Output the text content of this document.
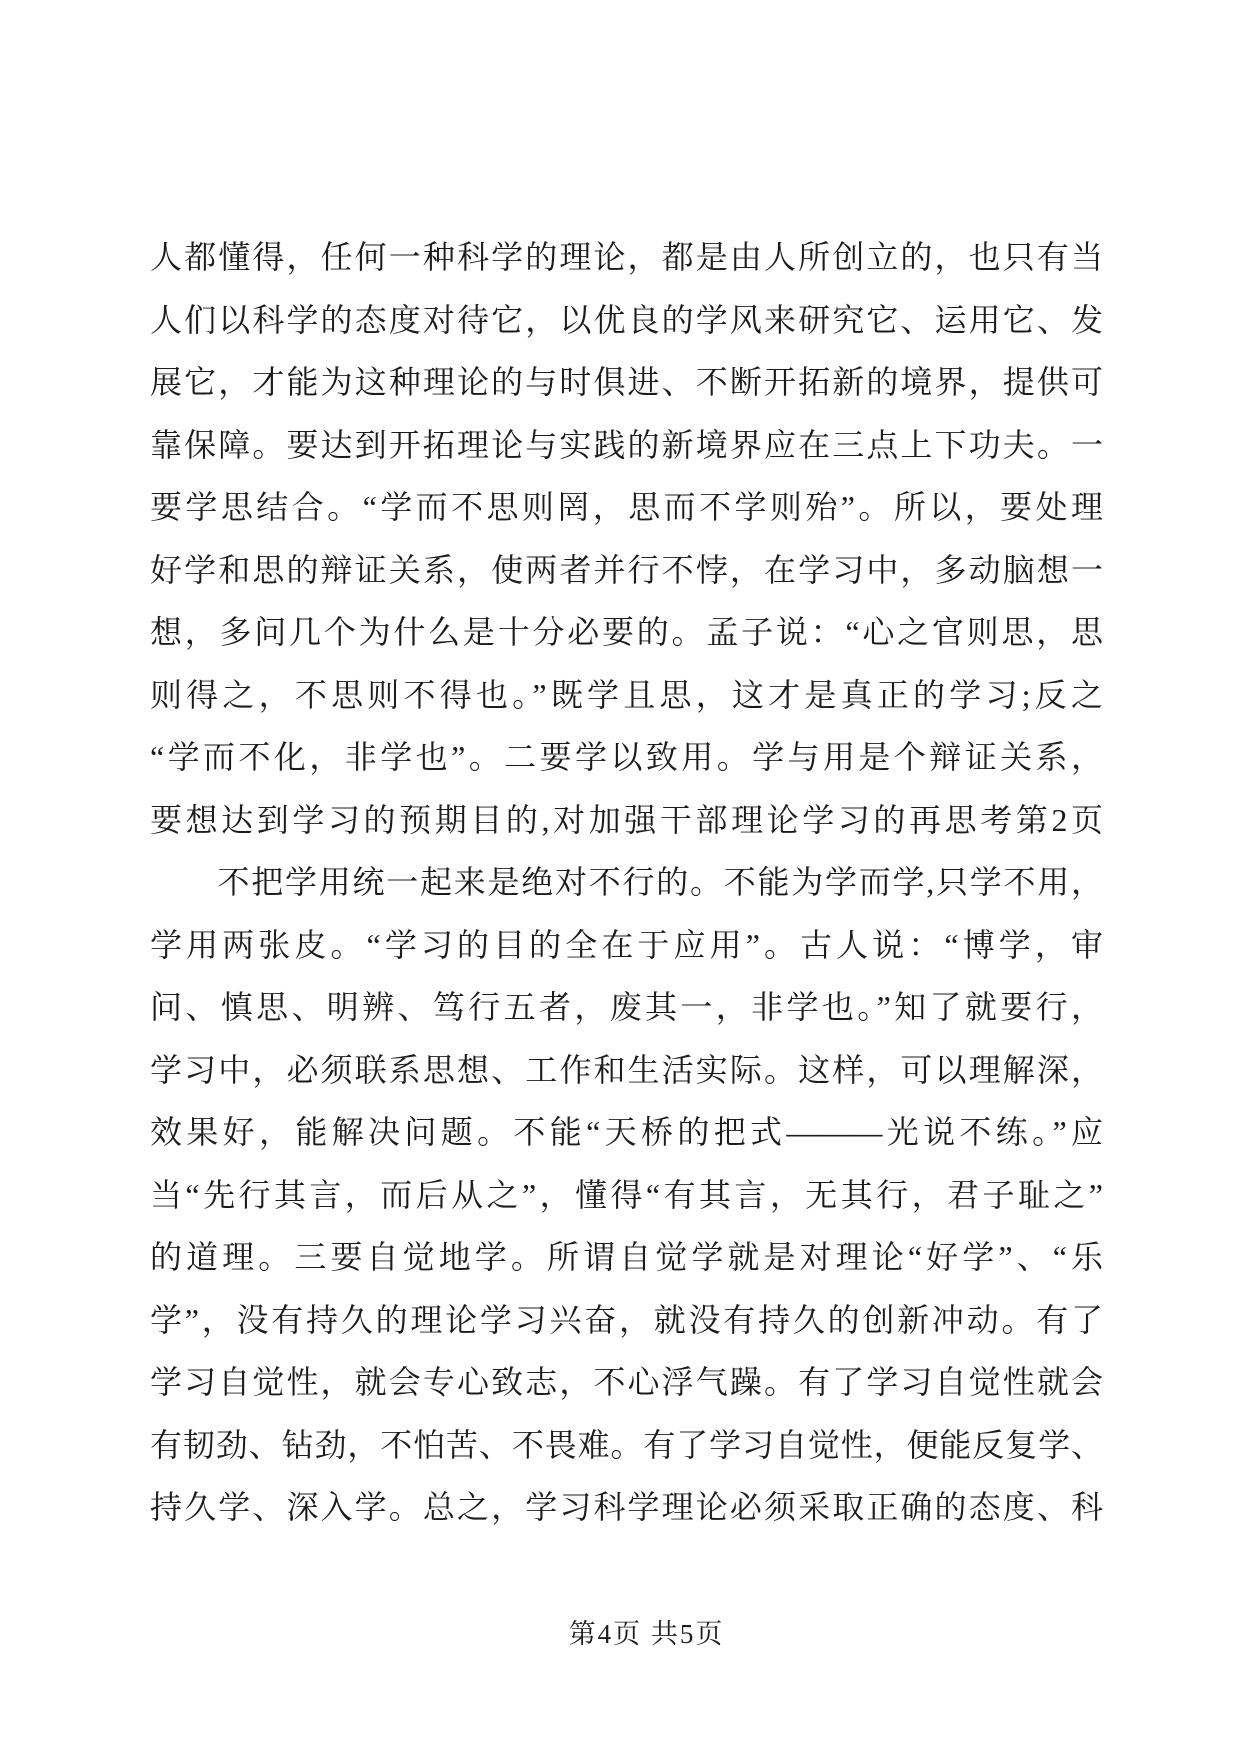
人都懂得，任何一种科学的理论，都是由人所创立的，也只有当
人们以科学的态度对待它，以优良的学风来研究它、运用它、发
展它，才能为这种理论的与时俱进、不断开拓新的境界，提供可
靠保障。要达到开拓理论与实践的新境界应在三点上下功夫。一
要学思结合。“学而不思则罔，思而不学则殆”。所以，要处理
好学和思的辩证关系，使两者并行不悖，在学习中，多动脑想一
想，多问几个为什么是十分必要的。孟子说：“心之官则思，思
则得之，不思则不得也。”既学且思，这才是真正的学习;反之
“学而不化，非学也”。二要学以致用。学与用是个辩证关系，
要想达到学习的预期目的,对加强干部理论学习的再思考第2页
　　不把学用统一起来是绝对不行的。不能为学而学,只学不用，
学用两张皮。“学习的目的全在于应用”。古人说：“博学，审
问、慎思、明辨、笃行五者，废其一，非学也。”知了就要行，
学习中，必须联系思想、工作和生活实际。这样，可以理解深，
效果好，能解决问题。不能“天桥的把式———光说不练。”应
当“先行其言，而后从之”，懂得“有其言，无其行，君子耻之”
的道理。三要自觉地学。所谓自觉学就是对理论“好学”、“乐
学”，没有持久的理论学习兴奋，就没有持久的创新冲动。有了
学习自觉性，就会专心致志，不心浮气躁。有了学习自觉性就会
有韧劲、钻劲，不怕苦、不畏难。有了学习自觉性，便能反复学、
持久学、深入学。总之，学习科学理论必须采取正确的态度、科
第4页 共5页
